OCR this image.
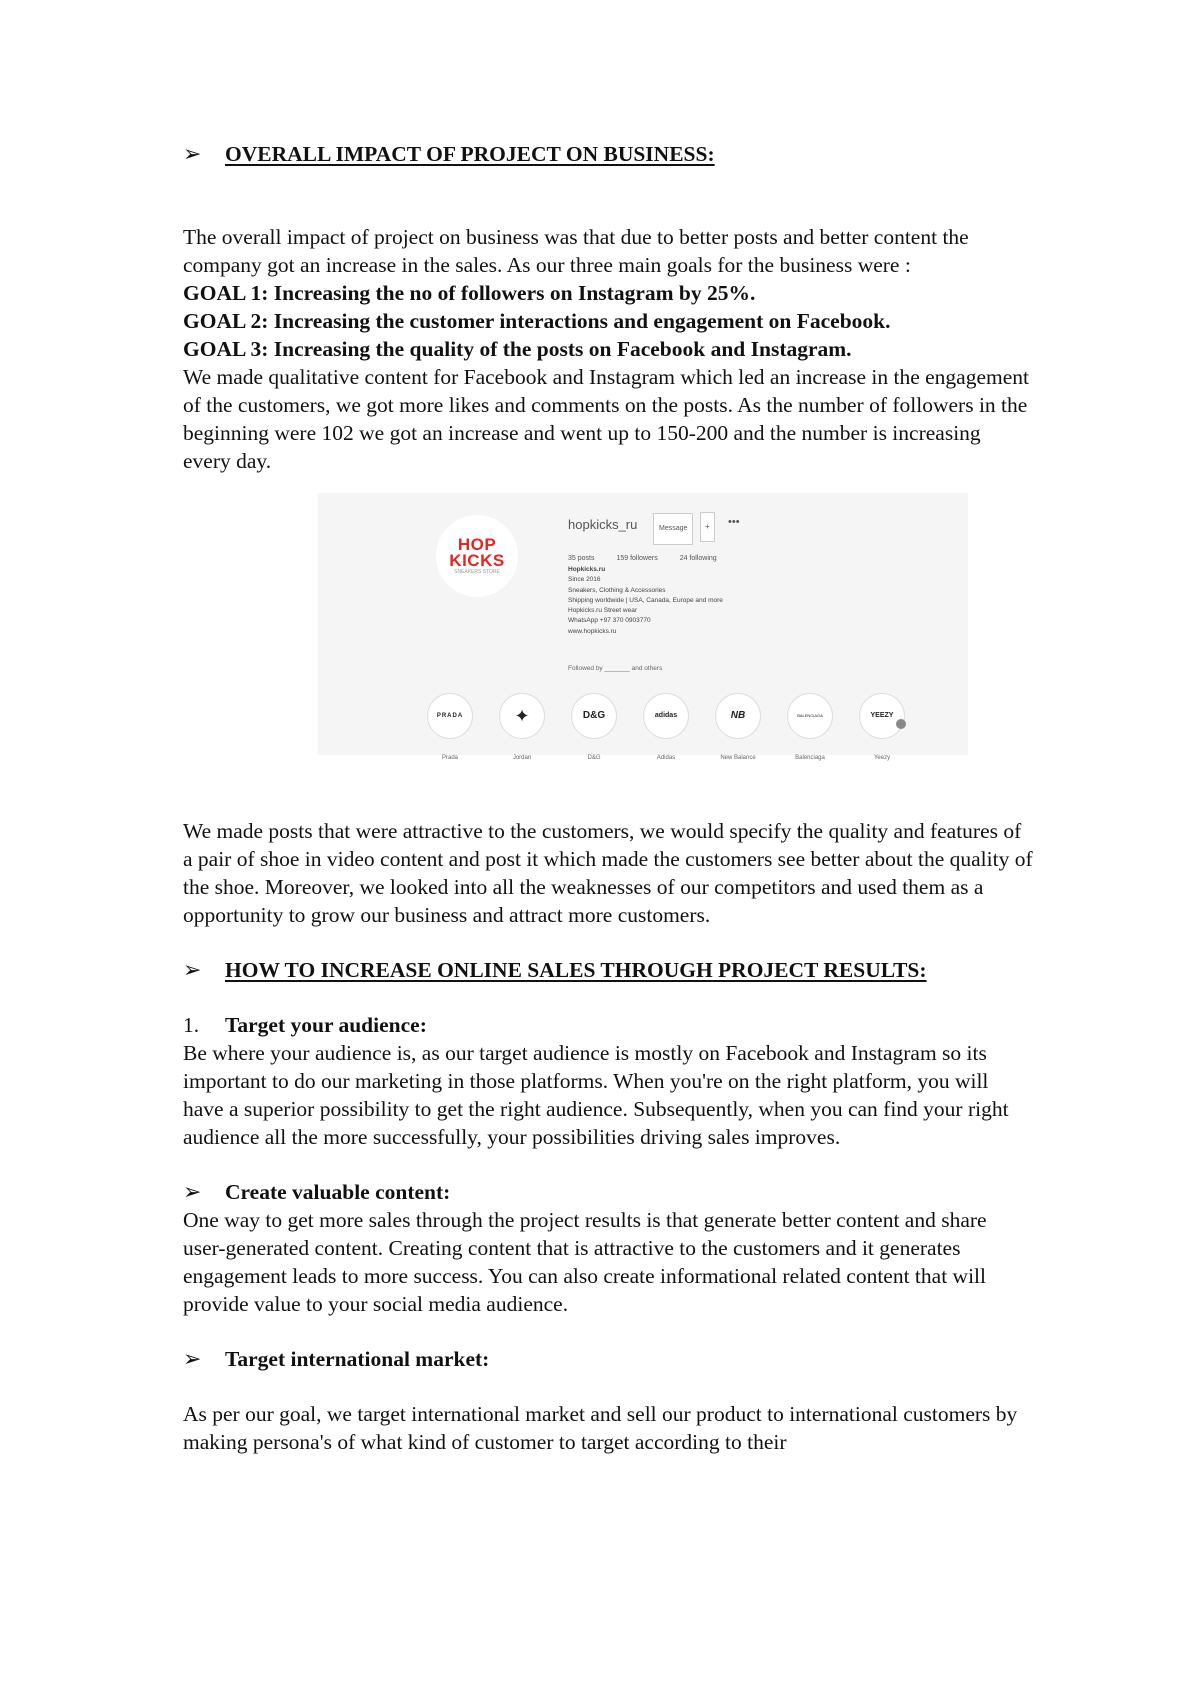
➢	OVERALL IMPACT OF PROJECT ON BUSINESS:

The overall impact of project on business was that due to better posts and better content the company got an increase in the sales. As our three main goals for the business were :

GOAL 1: Increasing the no of followers on Instagram by 25%.

GOAL 2: Increasing the customer interactions and engagement on Facebook.

GOAL 3: Increasing the quality of the posts on Facebook and Instagram.

We made qualitative content for Facebook and Instagram which led an increase in the engagement of the customers, we got more likes and comments on the posts. As the number of followers in the beginning were 102 we got an increase and went up to 150-200 and the number is increasing every day.

HOP
KICKS
SNEAKERS STORE
hopkicks_ru	Message	+	•••
35 posts	159 followers	24 following
Hopkicks.ru
Since 2016
Sneakers, Clothing & Accessories
Shipping worldwide | USA, Canada, Europe and more
Hopkicks.ru Street wear
WhatsApp +97 370 0903770
www.hopkicks.ru
Followed by _______ and others
PRADA
Prada
✦
Jordan
D&G
D&G
adidas
Adidas
NB
New Balance
BALENCIAGA
Balenciaga
YEEZY
Yeezy

We made posts that were attractive to the customers, we would specify the quality and features of a pair of shoe in video content and post it which made the customers see better about the quality of the shoe. Moreover, we looked into all the weaknesses of our competitors and used them as a opportunity to grow our business and attract more customers.

➢	HOW TO INCREASE ONLINE SALES THROUGH PROJECT RESULTS:

1. Target your audience:

Be where your audience is, as our target audience is mostly on Facebook and Instagram so its important to do our marketing in those platforms. When you're on the right platform, you will have a superior possibility to get the right audience. Subsequently, when you can find your right audience all the more successfully, your possibilities driving sales improves.

➢	Create valuable content:

One way to get more sales through the project results is that generate better content and share user-generated content. Creating content that is attractive to the customers and it generates engagement leads to more success. You can also create informational related content that will provide value to your social media audience.

➢	Target international market:

As per our goal, we target international market and sell our product to international customers by making persona's of what kind of customer to target according to their
